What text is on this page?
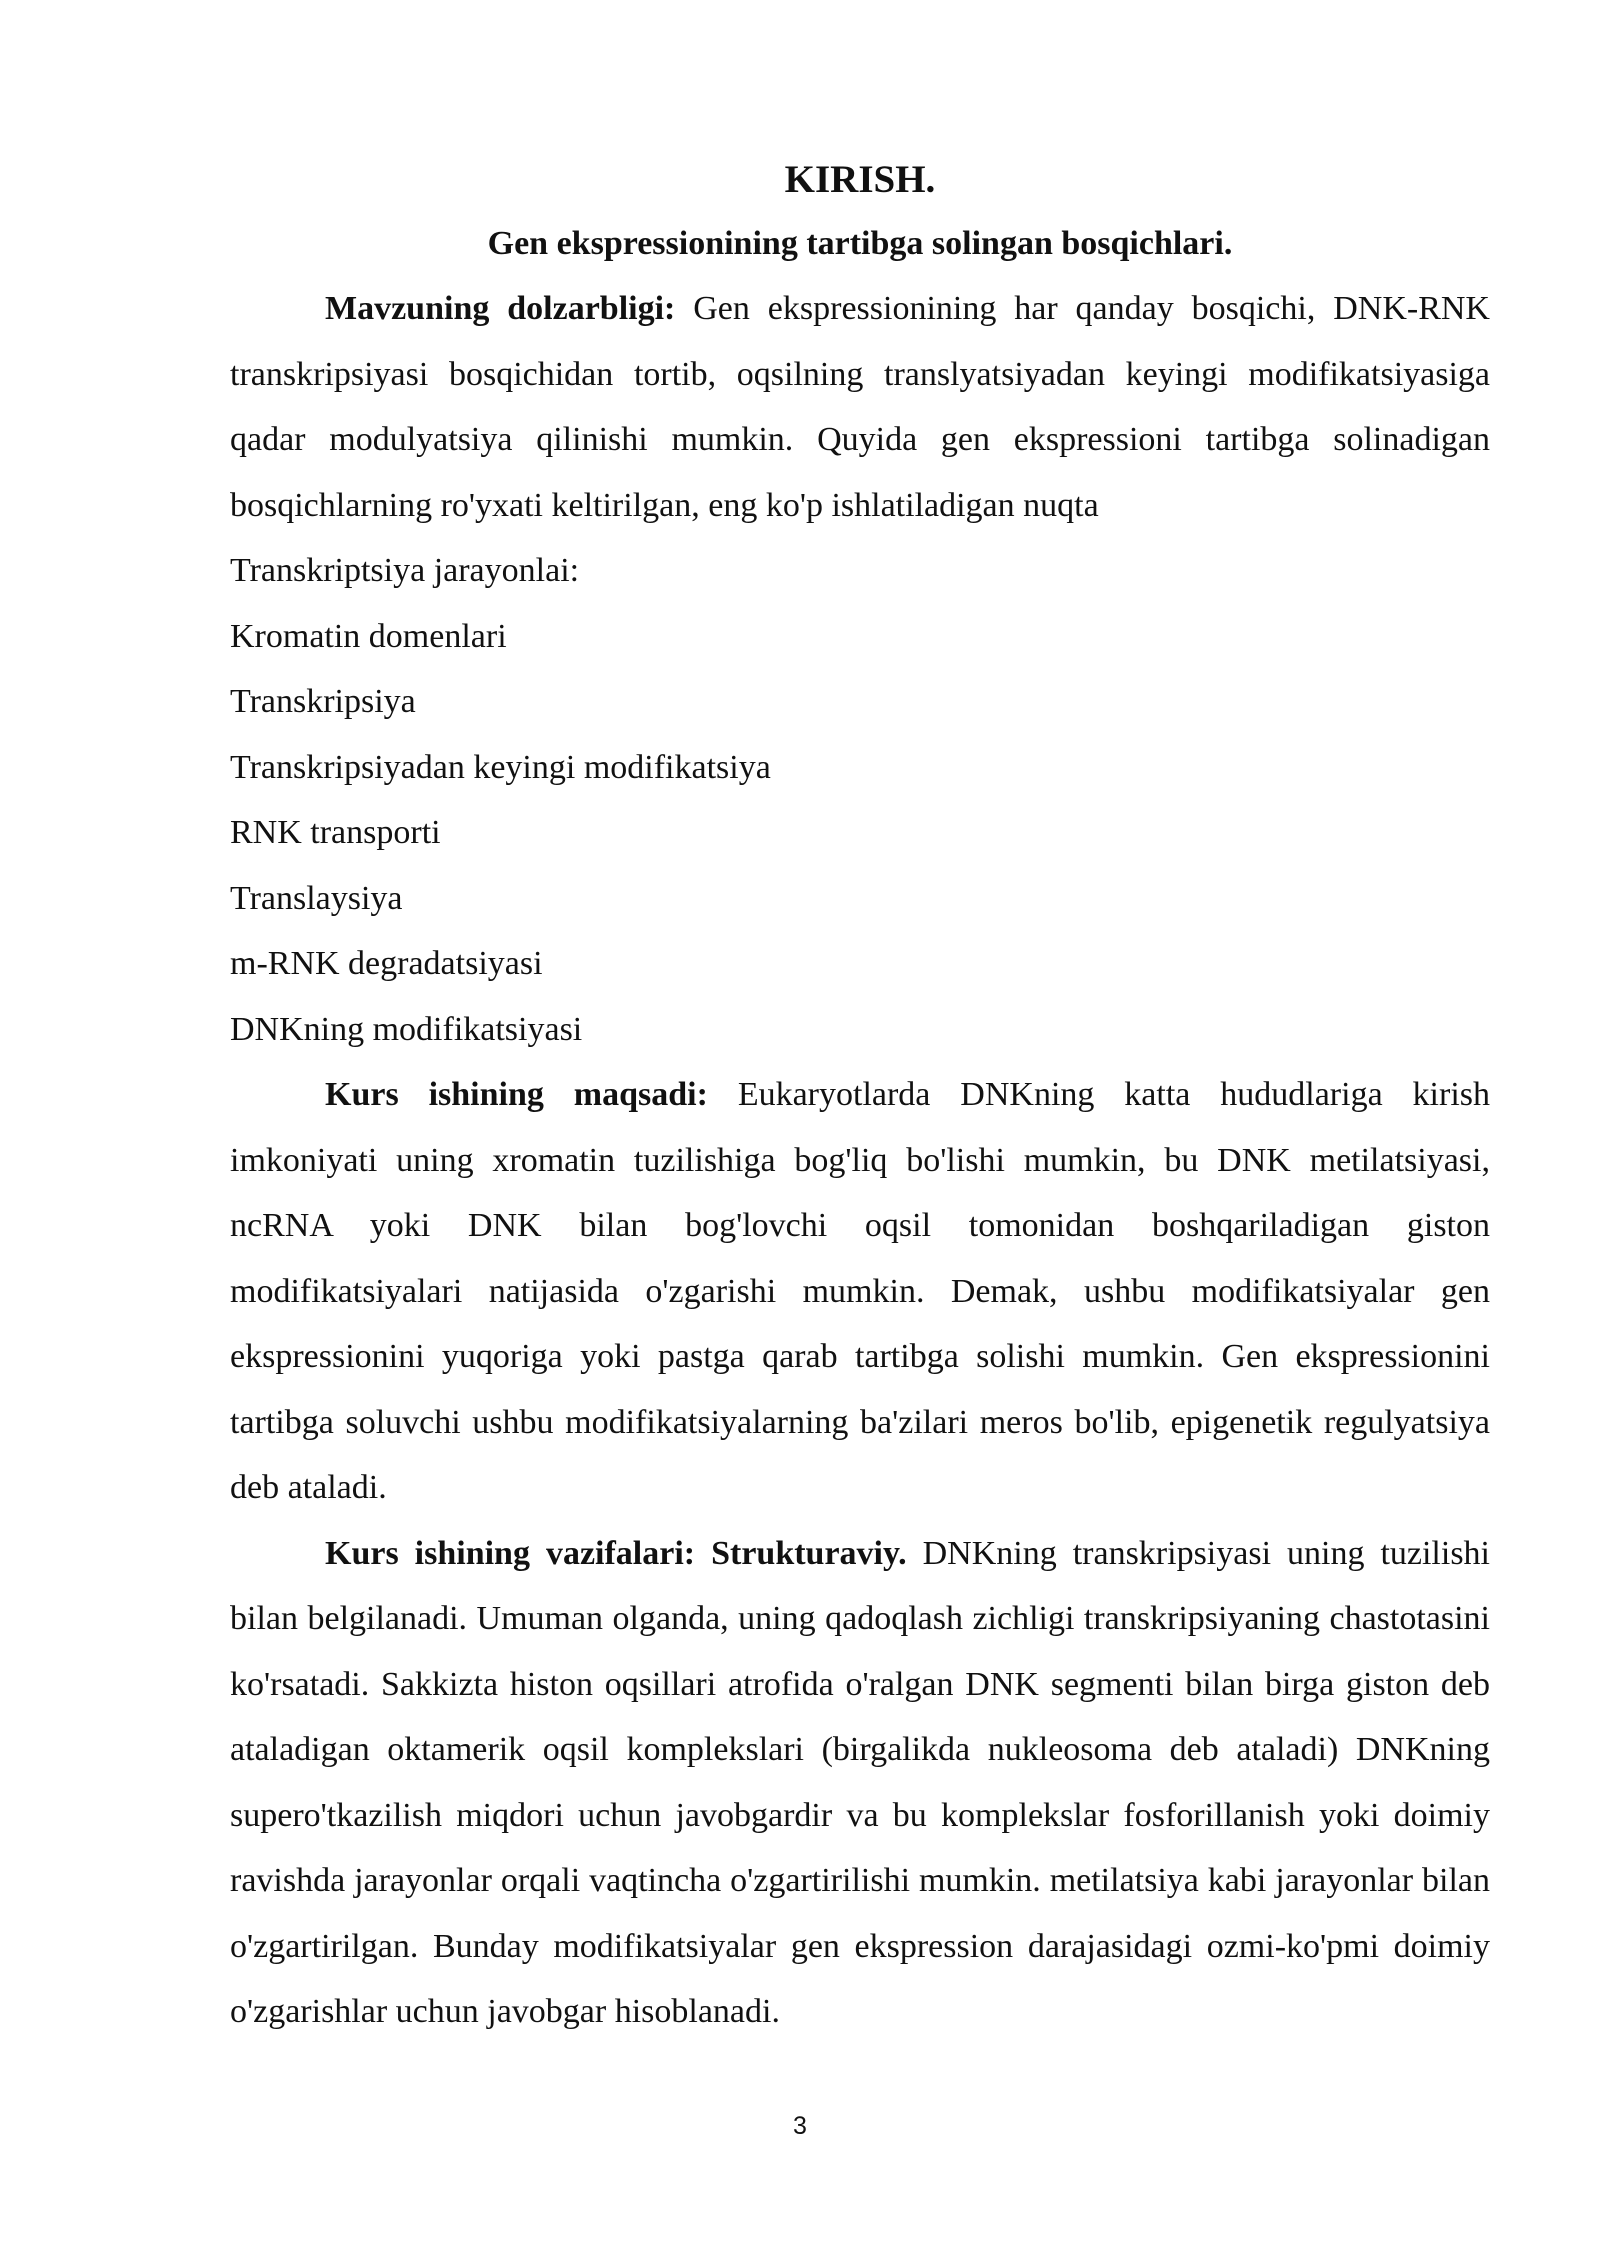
KIRISH.
Gen ekspressionining tartibga solingan bosqichlari.

Mavzuning dolzarbligi: Gen ekspressionining har qanday bosqichi, DNK-RNK transkripsiyasi bosqichidan tortib, oqsilning translyatsiyadan keyingi modifikatsiyasiga qadar modulyatsiya qilinishi mumkin. Quyida gen ekspressioni tartibga solinadigan bosqichlarning ro'yxati keltirilgan, eng ko'p ishlatiladigan nuqta

Transkriptsiya jarayonlai:

Kromatin domenlari

Transkripsiya

Transkripsiyadan keyingi modifikatsiya

RNK transporti

Translaysiya

m-RNK degradatsiyasi

DNKning modifikatsiyasi

Kurs ishining maqsadi: Eukaryotlarda DNKning katta hududlariga kirish imkoniyati uning xromatin tuzilishiga bog'liq bo'lishi mumkin, bu DNK metilatsiyasi, ncRNA yoki DNK bilan bog'lovchi oqsil tomonidan boshqariladigan giston modifikatsiyalari natijasida o'zgarishi mumkin. Demak, ushbu modifikatsiyalar gen ekspressionini yuqoriga yoki pastga qarab tartibga solishi mumkin. Gen ekspressionini tartibga soluvchi ushbu modifikatsiyalarning ba'zilari meros bo'lib, epigenetik regulyatsiya deb ataladi.

Kurs ishining vazifalari: Strukturaviy. DNKning transkripsiyasi uning tuzilishi bilan belgilanadi. Umuman olganda, uning qadoqlash zichligi transkripsiyaning chastotasini ko'rsatadi. Sakkizta histon oqsillari atrofida o'ralgan DNK segmenti bilan birga giston deb ataladigan oktamerik oqsil komplekslari (birgalikda nukleosoma deb ataladi) DNKning supero'tkazilish miqdori uchun javobgardir va bu komplekslar fosforillanish yoki doimiy ravishda jarayonlar orqali vaqtincha o'zgartirilishi mumkin. metilatsiya kabi jarayonlar bilan o'zgartirilgan. Bunday modifikatsiyalar gen ekspression darajasidagi ozmi-ko'pmi doimiy o'zgarishlar uchun javobgar hisoblanadi.

3
